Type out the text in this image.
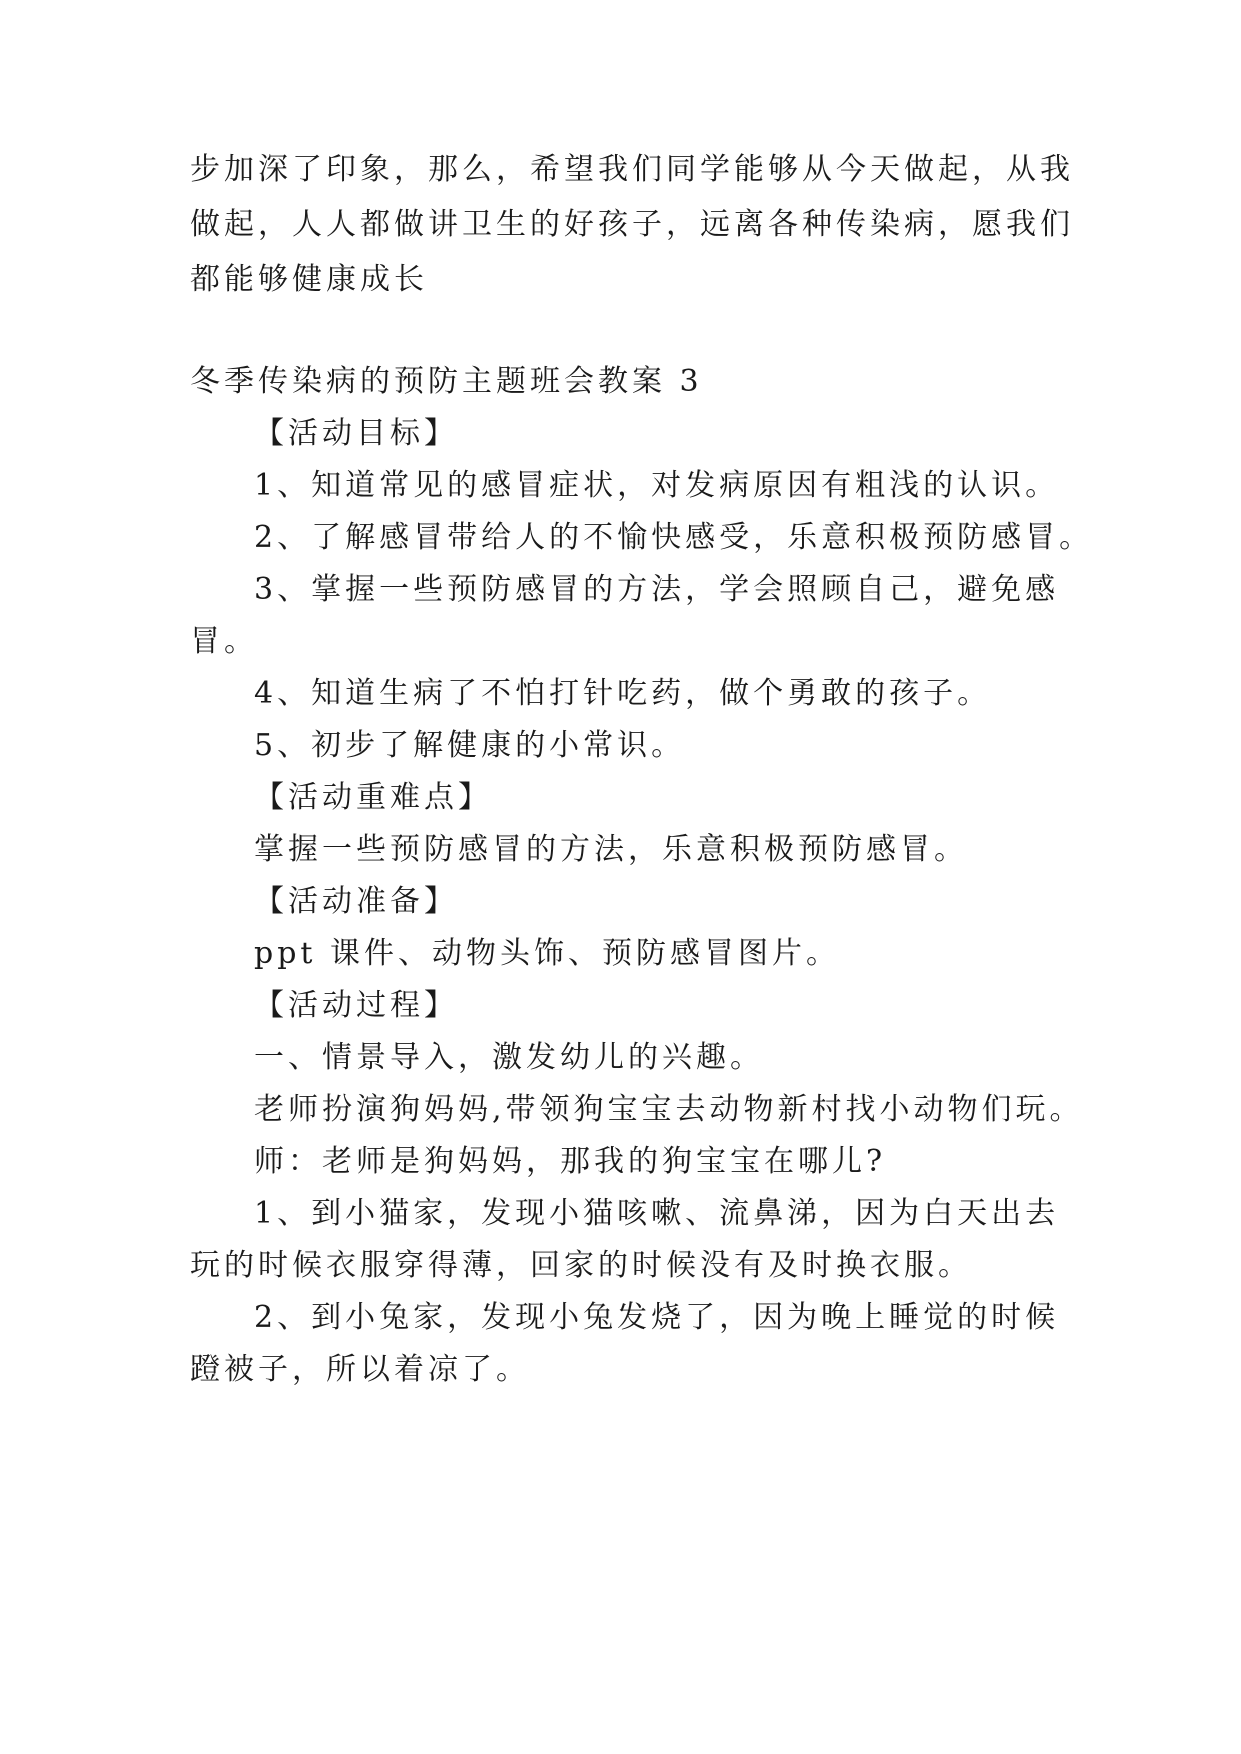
步加深了印象，那么，希望我们同学能够从今天做起，从我
做起，人人都做讲卫生的好孩子，远离各种传染病，愿我们
都能够健康成长
冬季传染病的预防主题班会教案 3
【活动目标】
1、知道常见的感冒症状，对发病原因有粗浅的认识。
2、了解感冒带给人的不愉快感受，乐意积极预防感冒。
3、掌握一些预防感冒的方法，学会照顾自己，避免感
冒。
4、知道生病了不怕打针吃药，做个勇敢的孩子。
5、初步了解健康的小常识。
【活动重难点】
掌握一些预防感冒的方法，乐意积极预防感冒。
【活动准备】
ppt 课件、动物头饰、预防感冒图片。
【活动过程】
一、情景导入，激发幼儿的兴趣。
老师扮演狗妈妈,带领狗宝宝去动物新村找小动物们玩。
师：老师是狗妈妈，那我的狗宝宝在哪儿?
1、到小猫家，发现小猫咳嗽、流鼻涕，因为白天出去
玩的时候衣服穿得薄，回家的时候没有及时换衣服。
2、到小兔家，发现小兔发烧了，因为晚上睡觉的时候
蹬被子，所以着凉了。
